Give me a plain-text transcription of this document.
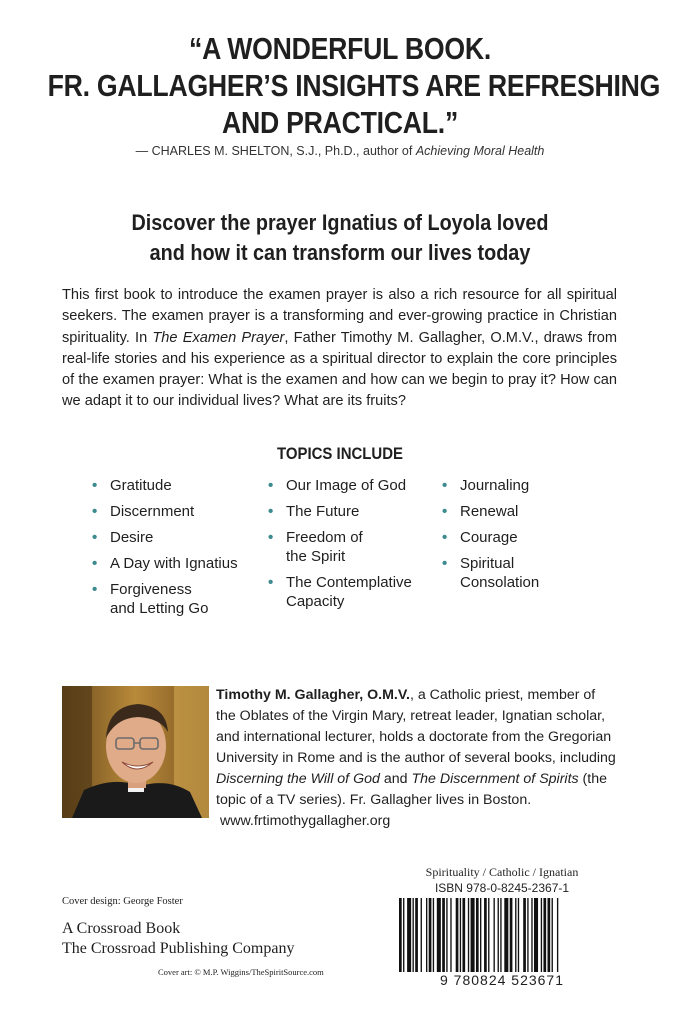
“A WONDERFUL BOOK.
FR. GALLAGHER’S INSIGHTS ARE REFRESHING
AND PRACTICAL.”
— CHARLES M. SHELTON, S.J., Ph.D., author of Achieving Moral Health
Discover the prayer Ignatius of Loyola loved
and how it can transform our lives today
This first book to introduce the examen prayer is also a rich resource for all spiritual seekers. The examen prayer is a transforming and ever-growing practice in Christian spirituality. In The Examen Prayer, Father Timothy M. Gallagher, O.M.V., draws from real-life stories and his experience as a spiritual director to explain the core principles of the examen prayer: What is the examen and how can we begin to pray it? How can we adapt it to our individual lives? What are its fruits?
TOPICS INCLUDE
• Gratitude
• Discernment
• Desire
• A Day with Ignatius
• Forgiveness
and Letting Go
• Our Image of God
• The Future
• Freedom of
the Spirit
• The Contemplative
Capacity
• Journaling
• Renewal
• Courage
• Spiritual
Consolation
Timothy M. Gallagher, O.M.V., a Catholic priest, member of the Oblates of the Virgin Mary, retreat leader, Ignatian scholar, and international lecturer, holds a doctorate from the Gregorian University in Rome and is the author of several books, including Discerning the Will of God and The Discernment of Spirits (the topic of a TV series). Fr. Gallagher lives in Boston.  www.frtimothygallagher.org
Cover design: George Foster
A Crossroad Book
The Crossroad Publishing Company
Cover art: © M.P. Wiggins/TheSpiritSource.com
Spirituality / Catholic / Ignatian
ISBN 978-0-8245-2367-1
9 780824 523671
